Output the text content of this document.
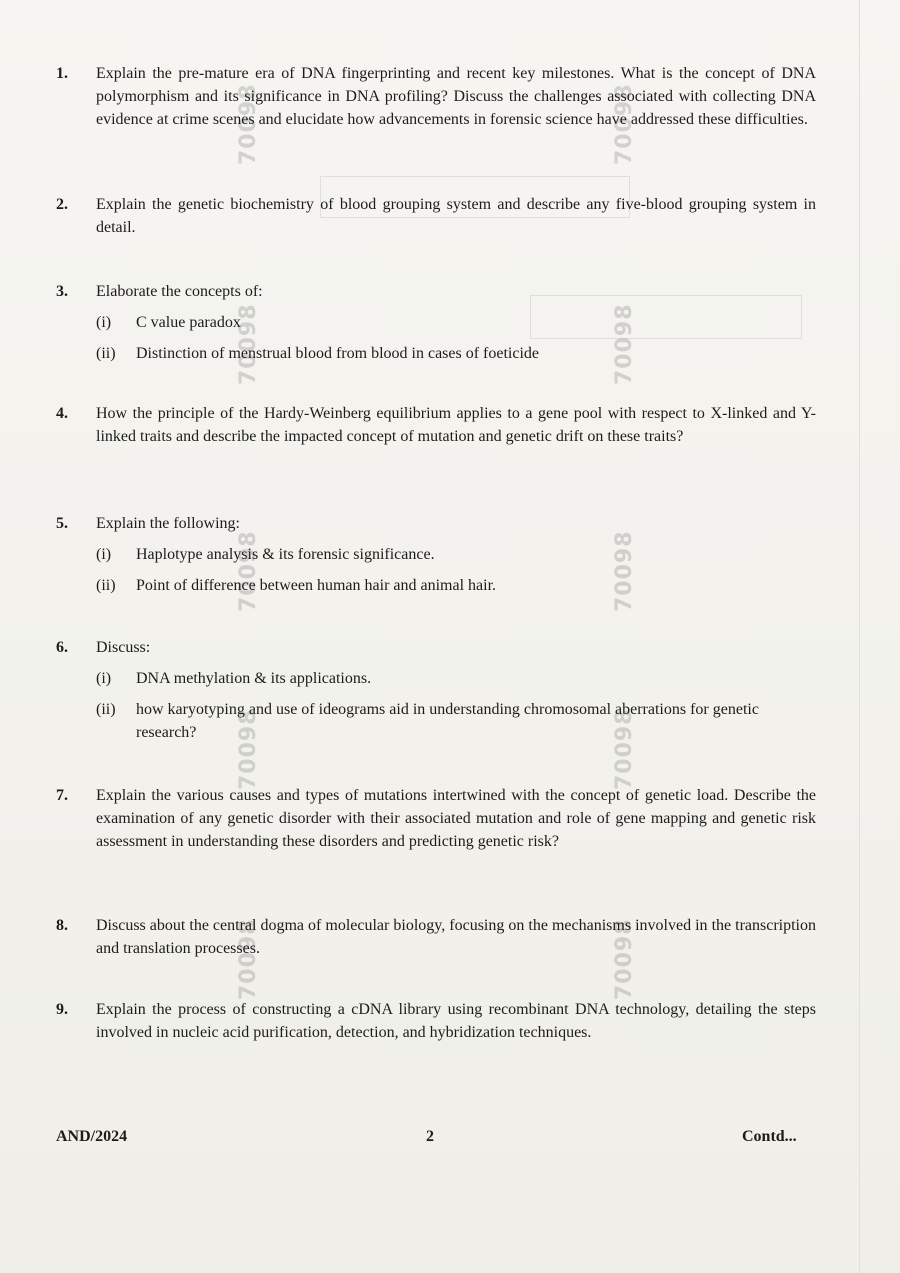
70098	70098
70098	70098
70098	70098
70098	70098
70098	70098
1.	Explain the pre-mature era of DNA fingerprinting and recent key milestones. What is the concept of DNA polymorphism and its significance in DNA profiling? Discuss the challenges associated with collecting DNA evidence at crime scenes and elucidate how advancements in forensic science have addressed these difficulties.
2.	Explain the genetic biochemistry of blood grouping system and describe any five-blood grouping system in detail.
3.	Elaborate the concepts of:
(i)	C value paradox
(ii)	Distinction of menstrual blood from blood in cases of foeticide
4.	How the principle of the Hardy-Weinberg equilibrium applies to a gene pool with respect to X-linked and Y-linked traits and describe the impacted concept of mutation and genetic drift on these traits?
5.	Explain the following:
(i)	Haplotype analysis & its forensic significance.
(ii)	Point of difference between human hair and animal hair.
6.	Discuss:
(i)	DNA methylation & its applications.
(ii)	how karyotyping and use of ideograms aid in understanding chromosomal aberrations for genetic research?
7.	Explain the various causes and types of mutations intertwined with the concept of genetic load. Describe the examination of any genetic disorder with their associated mutation and role of gene mapping and genetic risk assessment in understanding these disorders and predicting genetic risk?
8.	Discuss about the central dogma of molecular biology, focusing on the mechanisms involved in the transcription and translation processes.
9.	Explain the process of constructing a cDNA library using recombinant DNA technology, detailing the steps involved in nucleic acid purification, detection, and hybridization techniques.
AND/2024	2	Contd...
